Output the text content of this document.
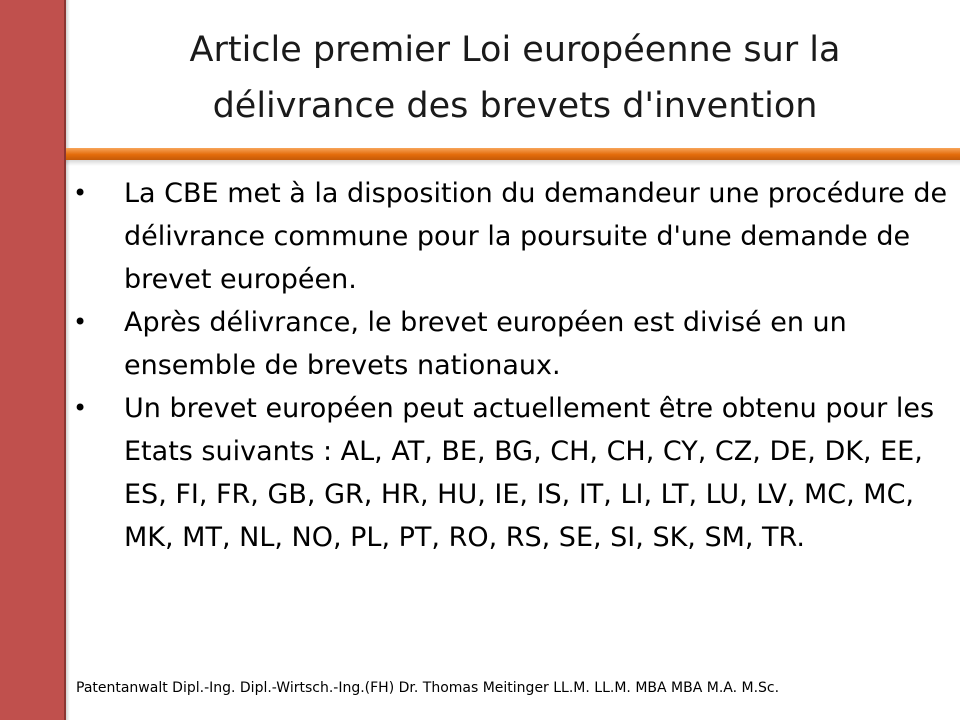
Article premier Loi européenne sur la
délivrance des brevets d'invention
• La CBE met à la disposition du demandeur une procédure de délivrance commune pour la poursuite d'une demande de brevet européen.
• Après délivrance, le brevet européen est divisé en un ensemble de brevets nationaux.
• Un brevet européen peut actuellement être obtenu pour les Etats suivants : AL, AT, BE, BG, CH, CH, CY, CZ, DE, DK, EE, ES, FI, FR, GB, GR, HR, HU, IE, IS, IT, LI, LT, LU, LV, MC, MC, MK, MT, NL, NO, PL, PT, RO, RS, SE, SI, SK, SM, TR.

Patentanwalt Dipl.-Ing. Dipl.-Wirtsch.-Ing.(FH) Dr. Thomas Meitinger LL.M. LL.M. MBA MBA M.A. M.Sc.
